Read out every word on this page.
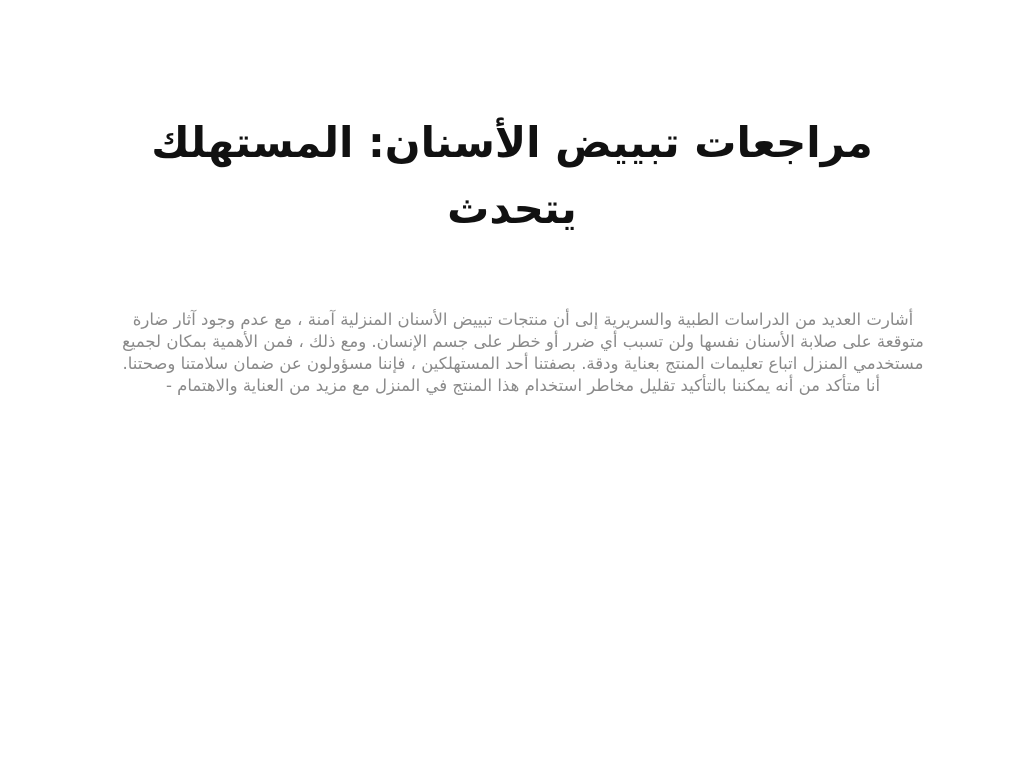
مراجعات تبييض الأسنان: المستهلك يتحدث

أشارت العديد من الدراسات الطبية والسريرية إلى أن منتجات تبييض الأسنان المنزلية آمنة ، مع عدم وجود آثار ضارة متوقعة على صلابة الأسنان نفسها ولن تسبب أي ضرر أو خطر على جسم الإنسان. ومع ذلك ، فمن الأهمية بمكان لجميع مستخدمي المنزل اتباع تعليمات المنتج بعناية ودقة. بصفتنا أحد المستهلكين ، فإننا مسؤولون عن ضمان سلامتنا وصحتنا. أنا متأكد من أنه يمكننا بالتأكيد تقليل مخاطر استخدام هذا المنتج في المنزل مع مزيد من العناية والاهتمام -
